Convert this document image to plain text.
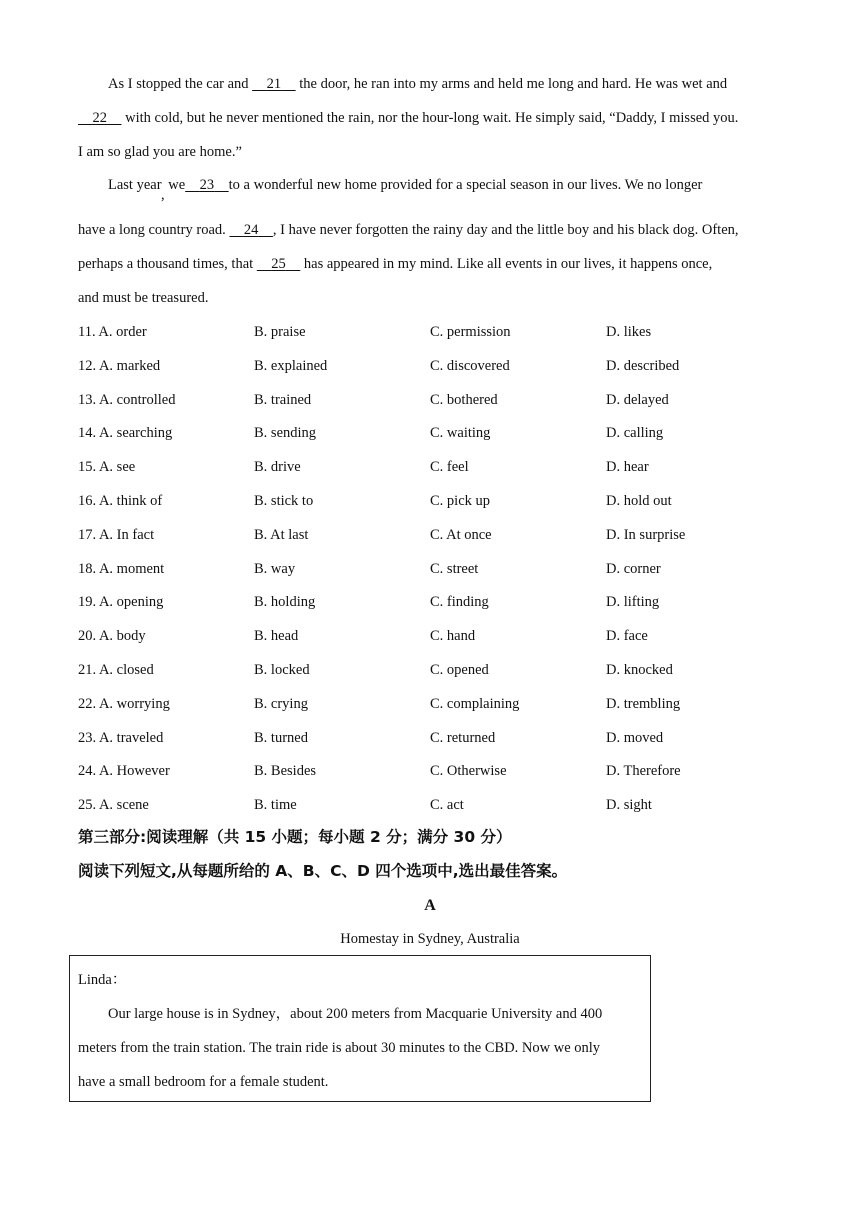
As I stopped the car and     21     the door, he ran into my arms and held me long and hard. He was wet and
22     with cold, but he never mentioned the rain, nor the hour-long wait. He simply said, “Daddy, I missed you.
I am so glad you are home.”
Last year, we 23 to a wonderful new home provided for a special season in our lives. We no longer
have a long country road.     24 , I have never forgotten the rainy day and the little boy and his black dog. Often,
perhaps a thousand times, that     25     has appeared in my mind. Like all events in our lives, it happens once,
and must be treasured.
11. A. order	B. praise	C. permission	D. likes
12. A. marked	B. explained	C. discovered	D. described
13. A. controlled	B. trained	C. bothered	D. delayed
14. A. searching	B. sending	C. waiting	D. calling
15. A. see	B. drive	C. feel	D. hear
16. A. think of	B. stick to	C. pick up	D. hold out
17. A. In fact	B. At last	C. At once	D. In surprise
18. A. moment	B. way	C. street	D. corner
19. A. opening	B. holding	C. finding	D. lifting
20. A. body	B. head	C. hand	D. face
21. A. closed	B. locked	C. opened	D. knocked
22. A. worrying	B. crying	C. complaining	D. trembling
23. A. traveled	B. turned	C. returned	D. moved
24. A. However	B. Besides	C. Otherwise	D. Therefore
25. A. scene	B. time	C. act	D. sight
第三部分:阅读理解（共 15 小题；每小题 2 分；满分 30 分）
阅读下列短文,从每题所给的 A、B、C、D 四个选项中,选出最佳答案。
A
Homestay in Sydney, Australia
Linda：
Our large house is in Sydney，about 200 meters from Macquarie University and 400
meters from the train station. The train ride is about 30 minutes to the CBD. Now we only
have a small bedroom for a female student.
